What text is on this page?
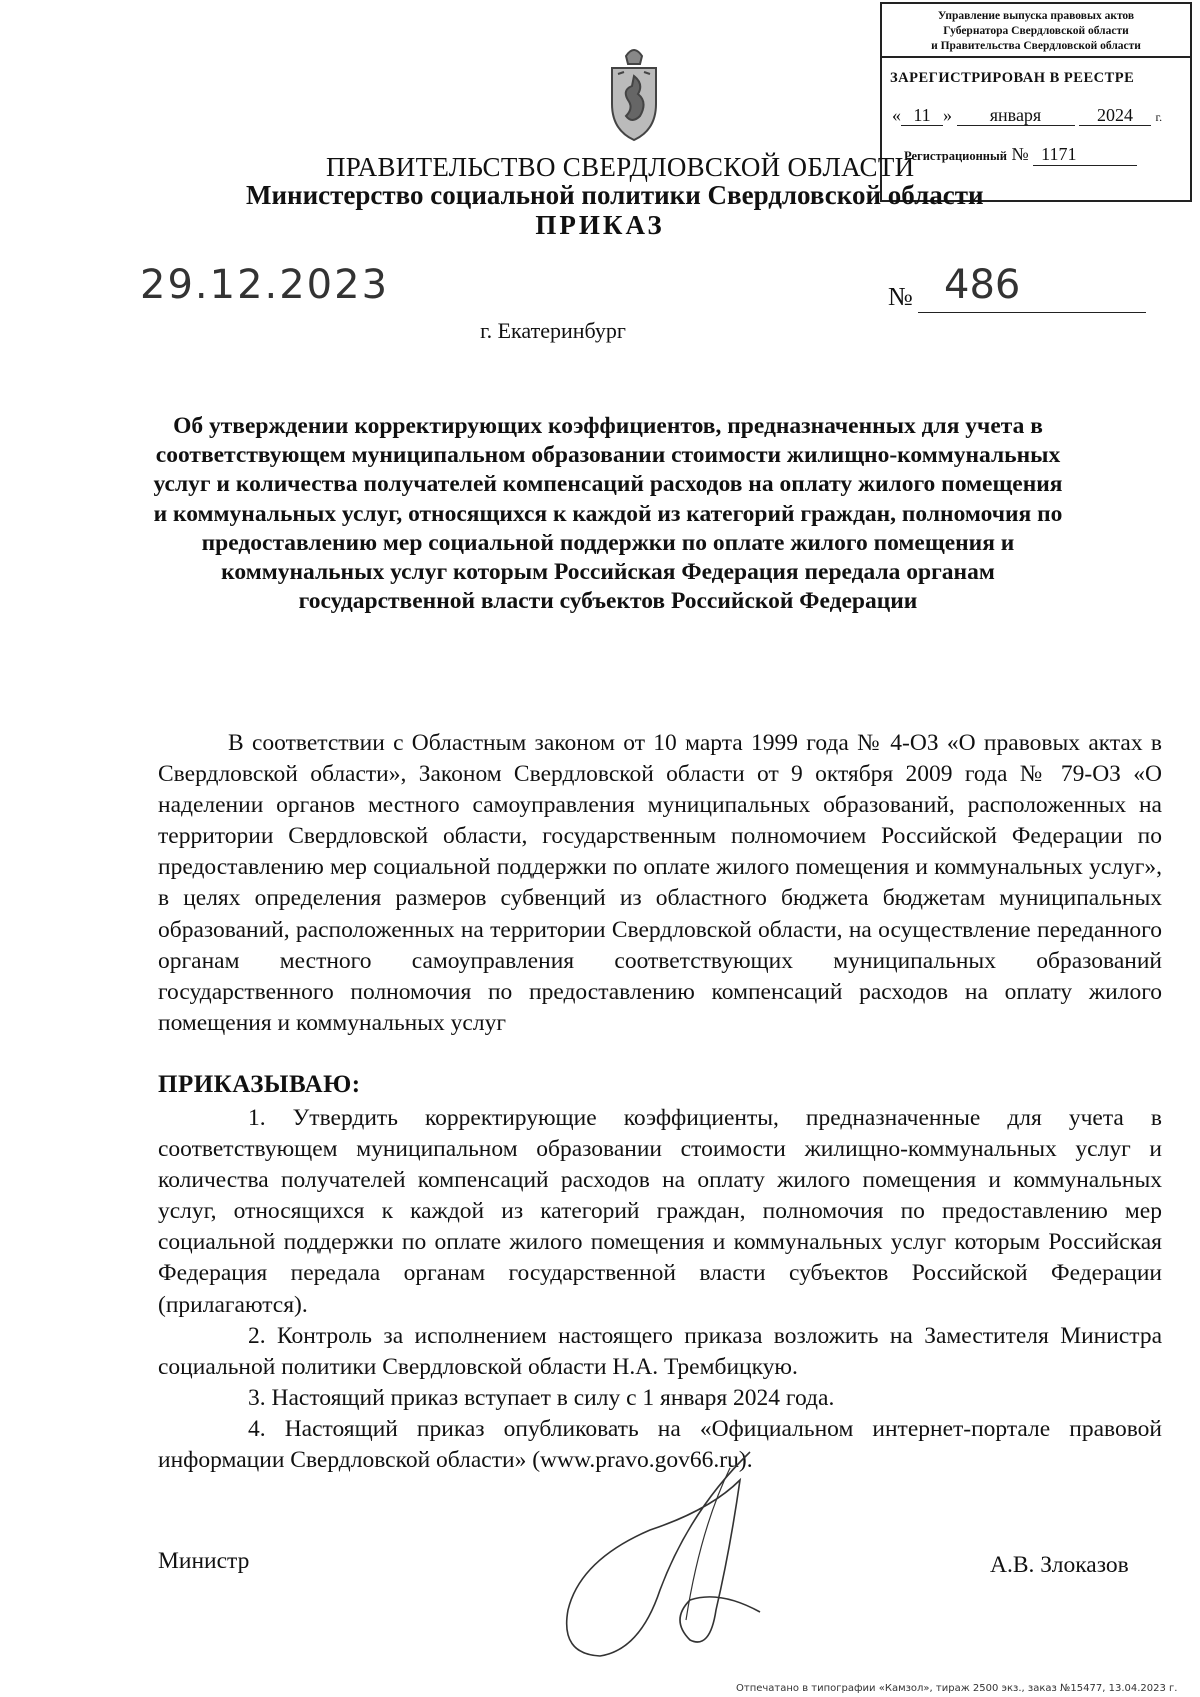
Управление выпуска правовых актов
Губернатора Свердловской области
и Правительства Свердловской области
ЗАРЕГИСТРИРОВАН В РЕЕСТРЕ
« 11 » января	2024 г.
Регистрационный № 1171
ПРАВИТЕЛЬСТВО СВЕРДЛОВСКОЙ ОБЛАСТИ
Министерство социальной политики Свердловской области
ПРИКАЗ
29.12.2023	№ 486
г. Екатеринбург
Об утверждении корректирующих коэффициентов, предназначенных для учета в соответствующем муниципальном образовании стоимости жилищно-коммунальных услуг и количества получателей компенсаций расходов на оплату жилого помещения и коммунальных услуг, относящихся к каждой из категорий граждан, полномочия по предоставлению мер социальной поддержки по оплате жилого помещения и коммунальных услуг которым Российская Федерация передала органам государственной власти субъектов Российской Федерации
В соответствии с Областным законом от 10 марта 1999 года № 4-ОЗ «О правовых актах в Свердловской области», Законом Свердловской области от 9 октября 2009 года № 79-ОЗ «О наделении органов местного самоуправления муниципальных образований, расположенных на территории Свердловской области, государственным полномочием Российской Федерации по предоставлению мер социальной поддержки по оплате жилого помещения и коммунальных услуг», в целях определения размеров субвенций из областного бюджета бюджетам муниципальных образований, расположенных на территории Свердловской области, на осуществление переданного органам местного самоуправления соответствующих муниципальных образований государственного полномочия по предоставлению компенсаций расходов на оплату жилого помещения и коммунальных услуг
ПРИКАЗЫВАЮ:

1. Утвердить корректирующие коэффициенты, предназначенные для учета в соответствующем муниципальном образовании стоимости жилищно-коммунальных услуг и количества получателей компенсаций расходов на оплату жилого помещения и коммунальных услуг, относящихся к каждой из категорий граждан, полномочия по предоставлению мер социальной поддержки по оплате жилого помещения и коммунальных услуг которым Российская Федерация передала органам государственной власти субъектов Российской Федерации (прилагаются).

2. Контроль за исполнением настоящего приказа возложить на Заместителя Министра социальной политики Свердловской области Н.А. Трембицкую.

3. Настоящий приказ вступает в силу с 1 января 2024 года.

4. Настоящий приказ опубликовать на «Официальном интернет-портале правовой информации Свердловской области» (www.pravo.gov66.ru).

Министр	А.В. Злоказов
Отпечатано в типографии «Камзол», тираж 2500 экз., заказ №15477, 13.04.2023 г.
